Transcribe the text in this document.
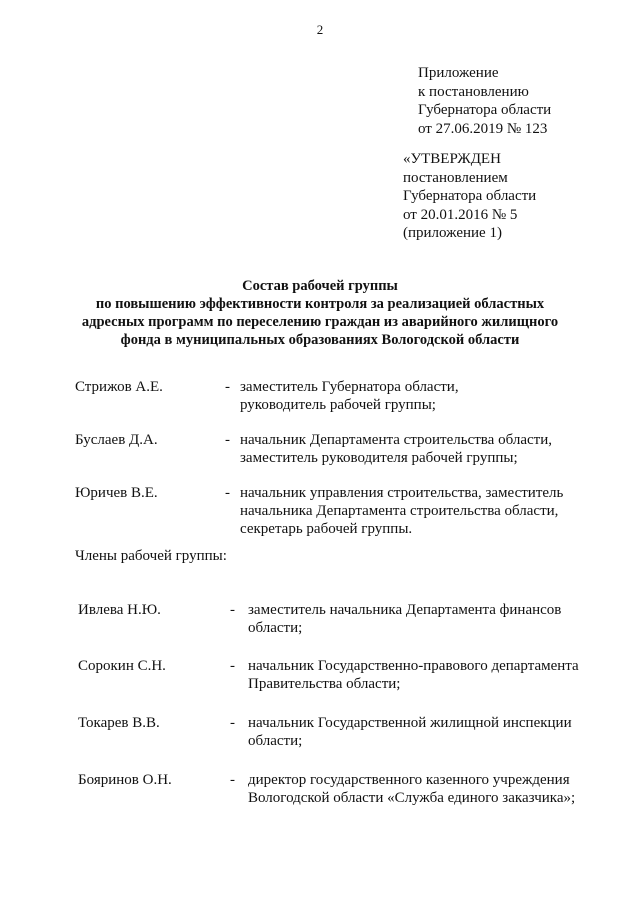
2
Приложение
к постановлению
Губернатора области
от 27.06.2019 № 123
«УТВЕРЖДЕН
постановлением
Губернатора области
от 20.01.2016 № 5
(приложение 1)
Состав рабочей группы
по повышению эффективности контроля за реализацией областных
адресных программ по переселению граждан из аварийного жилищного
фонда в муниципальных образованиях Вологодской области
Стрижов А.Е.	- заместитель Губернатора области,
руководитель рабочей группы;
Буслаев Д.А.	- начальник Департамента строительства области,
заместитель руководителя рабочей группы;
Юричев В.Е.	- начальник управления строительства, заместитель
начальника Департамента строительства области,
секретарь рабочей группы.
Члены рабочей группы:
Ивлева Н.Ю.	- заместитель начальника Департамента финансов
области;
Сорокин С.Н.	- начальник Государственно-правового департамента
Правительства области;
Токарев В.В.	- начальник Государственной жилищной инспекции
области;
Бояринов О.Н.	- директор государственного казенного учреждения
Вологодской области «Служба единого заказчика»;
